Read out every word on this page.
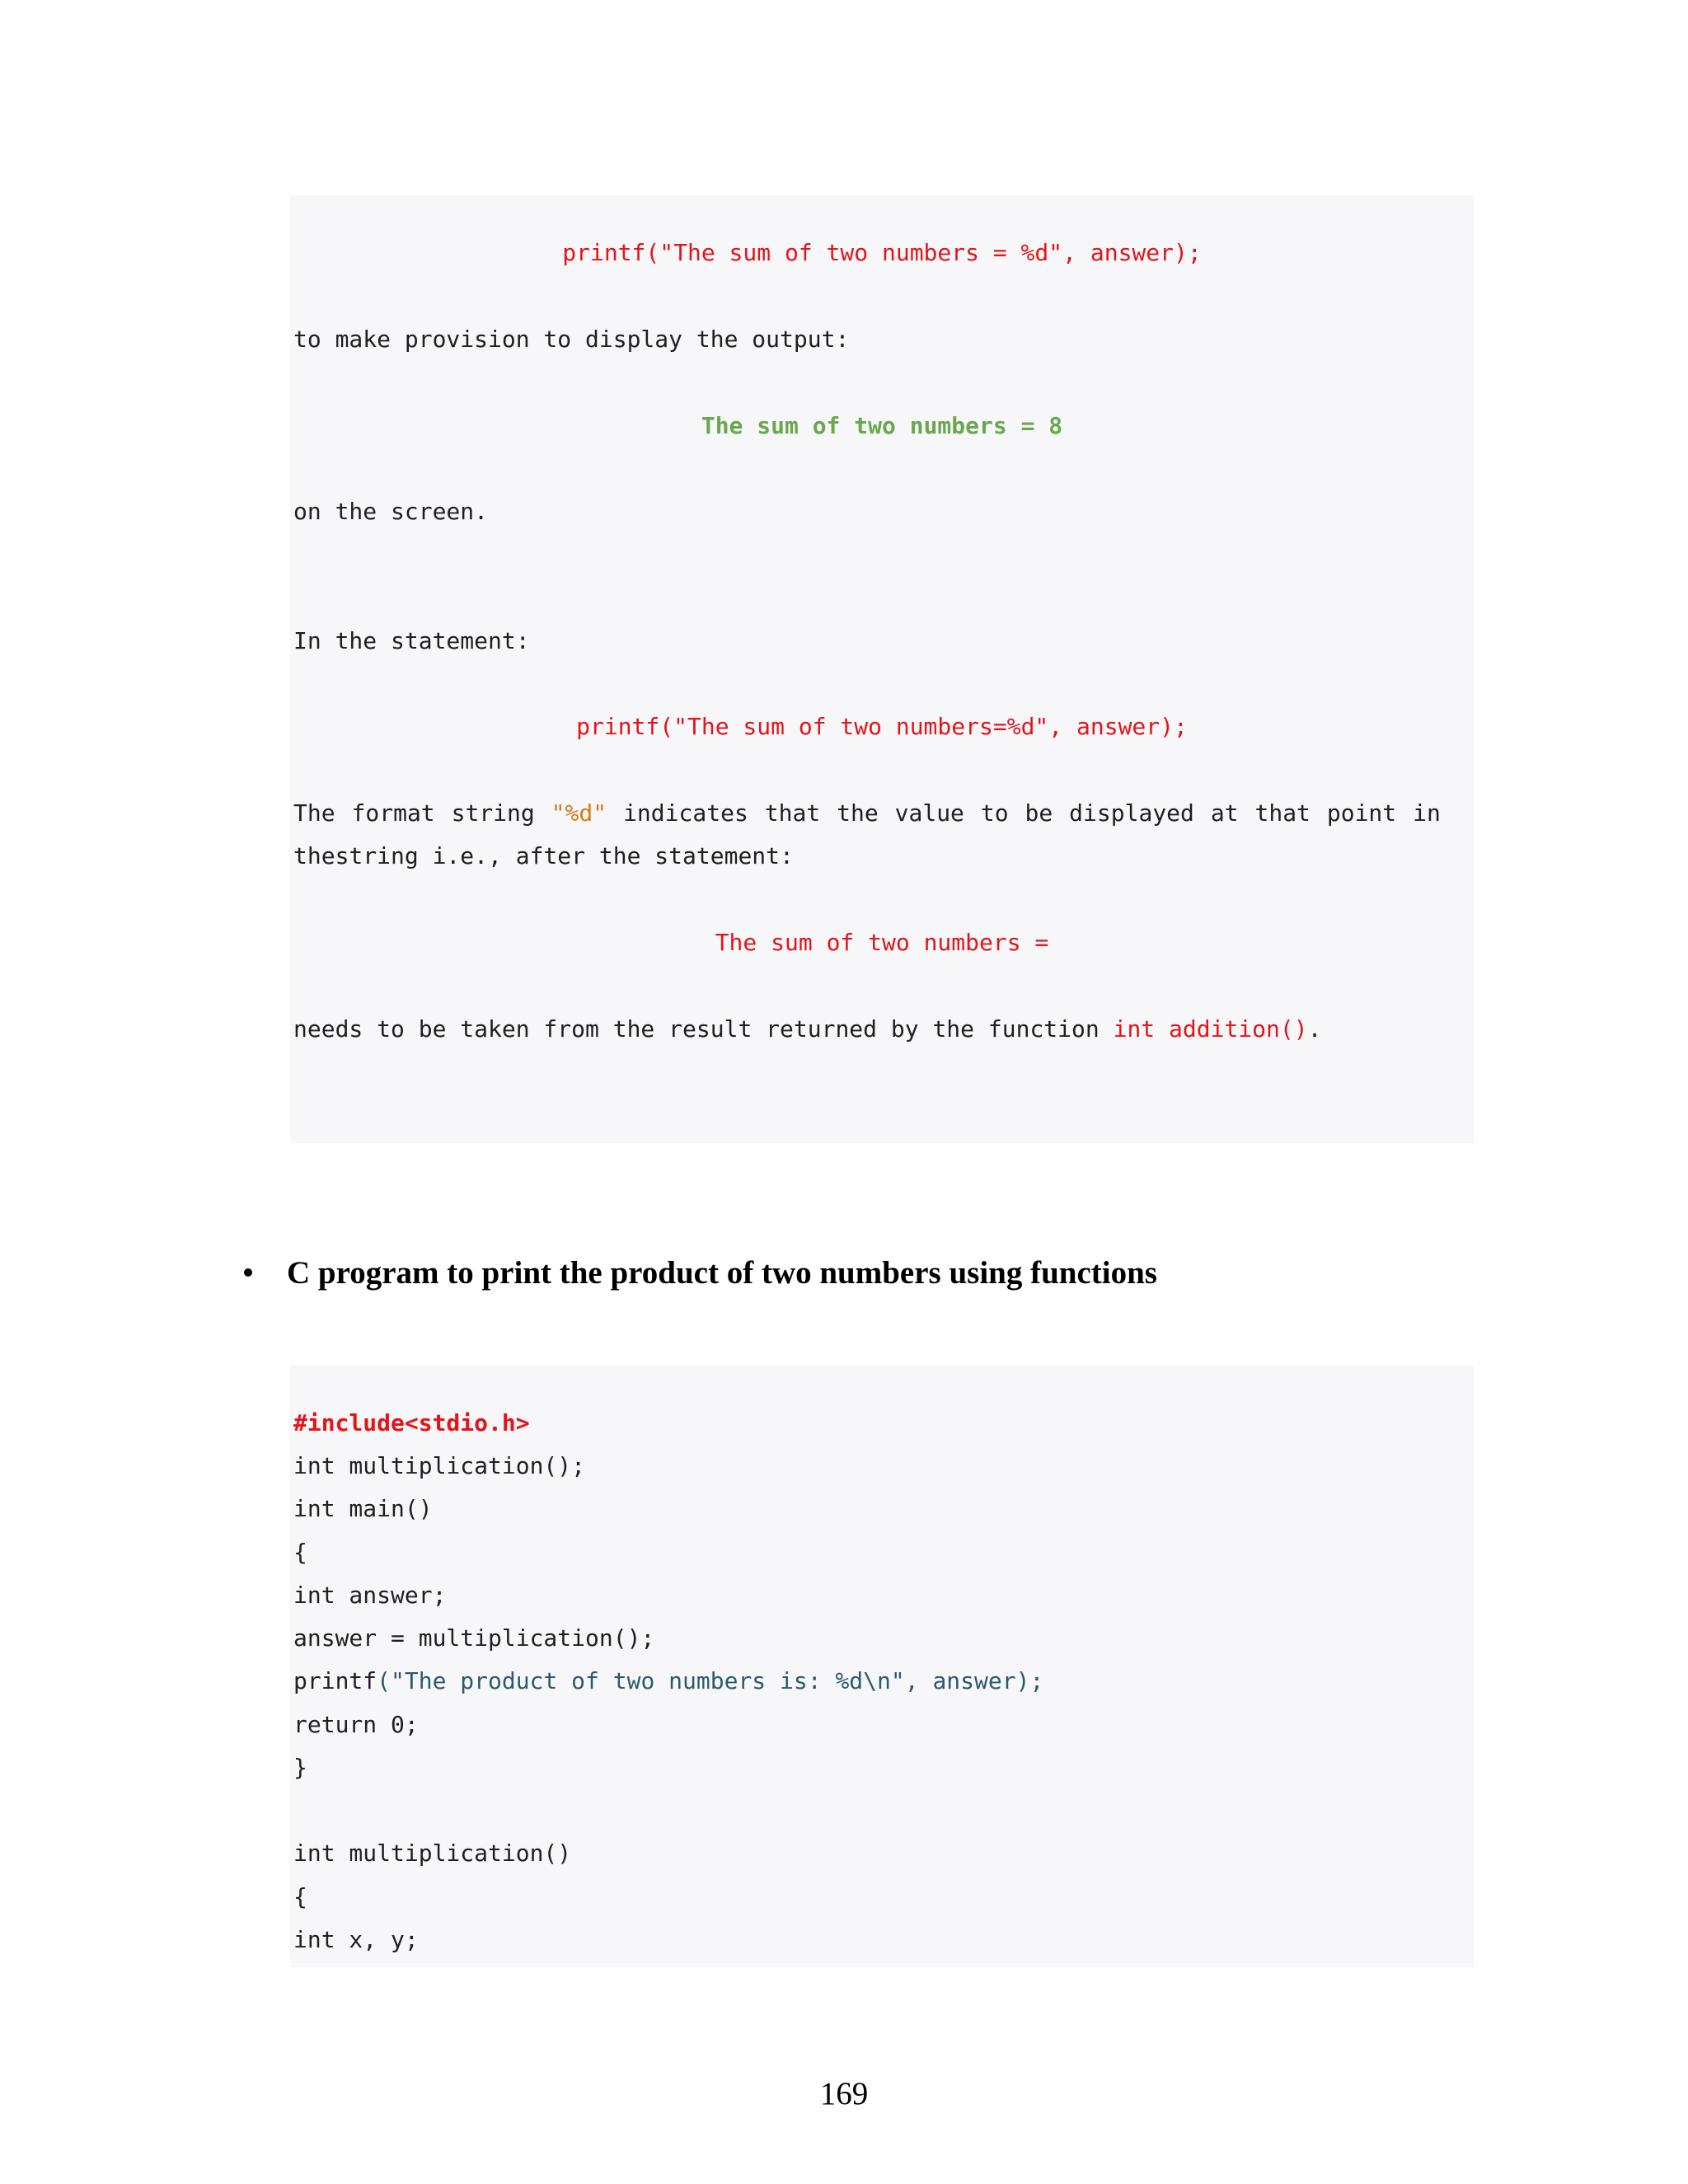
printf("The sum of two numbers = %d", answer);
to make provision to display the output:
The sum of two numbers = 8
on the screen.
In the statement:
printf("The sum of two numbers=%d", answer);
The format string "%d" indicates that the value to be displayed at that point in
thestring i.e., after the statement:
The sum of two numbers =
needs to be taken from the result returned by the function int addition().
C program to print the product of two numbers using functions
#include<stdio.h>
int multiplication();
int main()
{
int answer;
answer = multiplication();
printf("The product of two numbers is: %d\n", answer);
return 0;
}
int multiplication()
{
int x, y;
169
